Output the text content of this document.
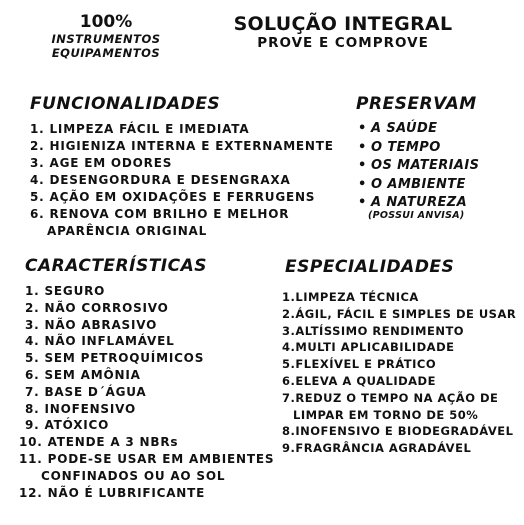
100%
INSTRUMENTOS
EQUIPAMENTOS
SOLUÇÃO INTEGRAL
PROVE E COMPROVE
FUNCIONALIDADES
1. LIMPEZA FÁCIL E IMEDIATA
2. HIGIENIZA INTERNA E EXTERNAMENTE
3. AGE EM ODORES
4. DESENGORDURA E DESENGRAXA
5. AÇÃO EM OXIDAÇÕES E FERRUGENS
6. RENOVA COM BRILHO E MELHOR
APARÊNCIA ORIGINAL
PRESERVAM
• A SAÚDE
• O TEMPO
• OS MATERIAIS
• O AMBIENTE
• A NATUREZA
(POSSUI ANVISA)
CARACTERÍSTICAS
1. SEGURO
2. NÃO CORROSIVO
3. NÃO ABRASIVO
4. NÃO INFLAMÁVEL
5. SEM PETROQUÍMICOS
6. SEM AMÔNIA
7. BASE D´ÁGUA
8. INOFENSIVO
9. ATÓXICO
10. ATENDE A 3 NBRs
11. PODE-SE USAR EM AMBIENTES
CONFINADOS OU AO SOL
12. NÃO É LUBRIFICANTE
ESPECIALIDADES
1.LIMPEZA TÉCNICA
2.ÁGIL, FÁCIL E SIMPLES DE USAR
3.ALTÍSSIMO RENDIMENTO
4.MULTI APLICABILIDADE
5.FLEXÍVEL E PRÁTICO
6.ELEVA A QUALIDADE
7.REDUZ O TEMPO NA AÇÃO DE
LIMPAR EM TORNO DE 50%
8.INOFENSIVO E BIODEGRADÁVEL
9.FRAGRÂNCIA AGRADÁVEL
